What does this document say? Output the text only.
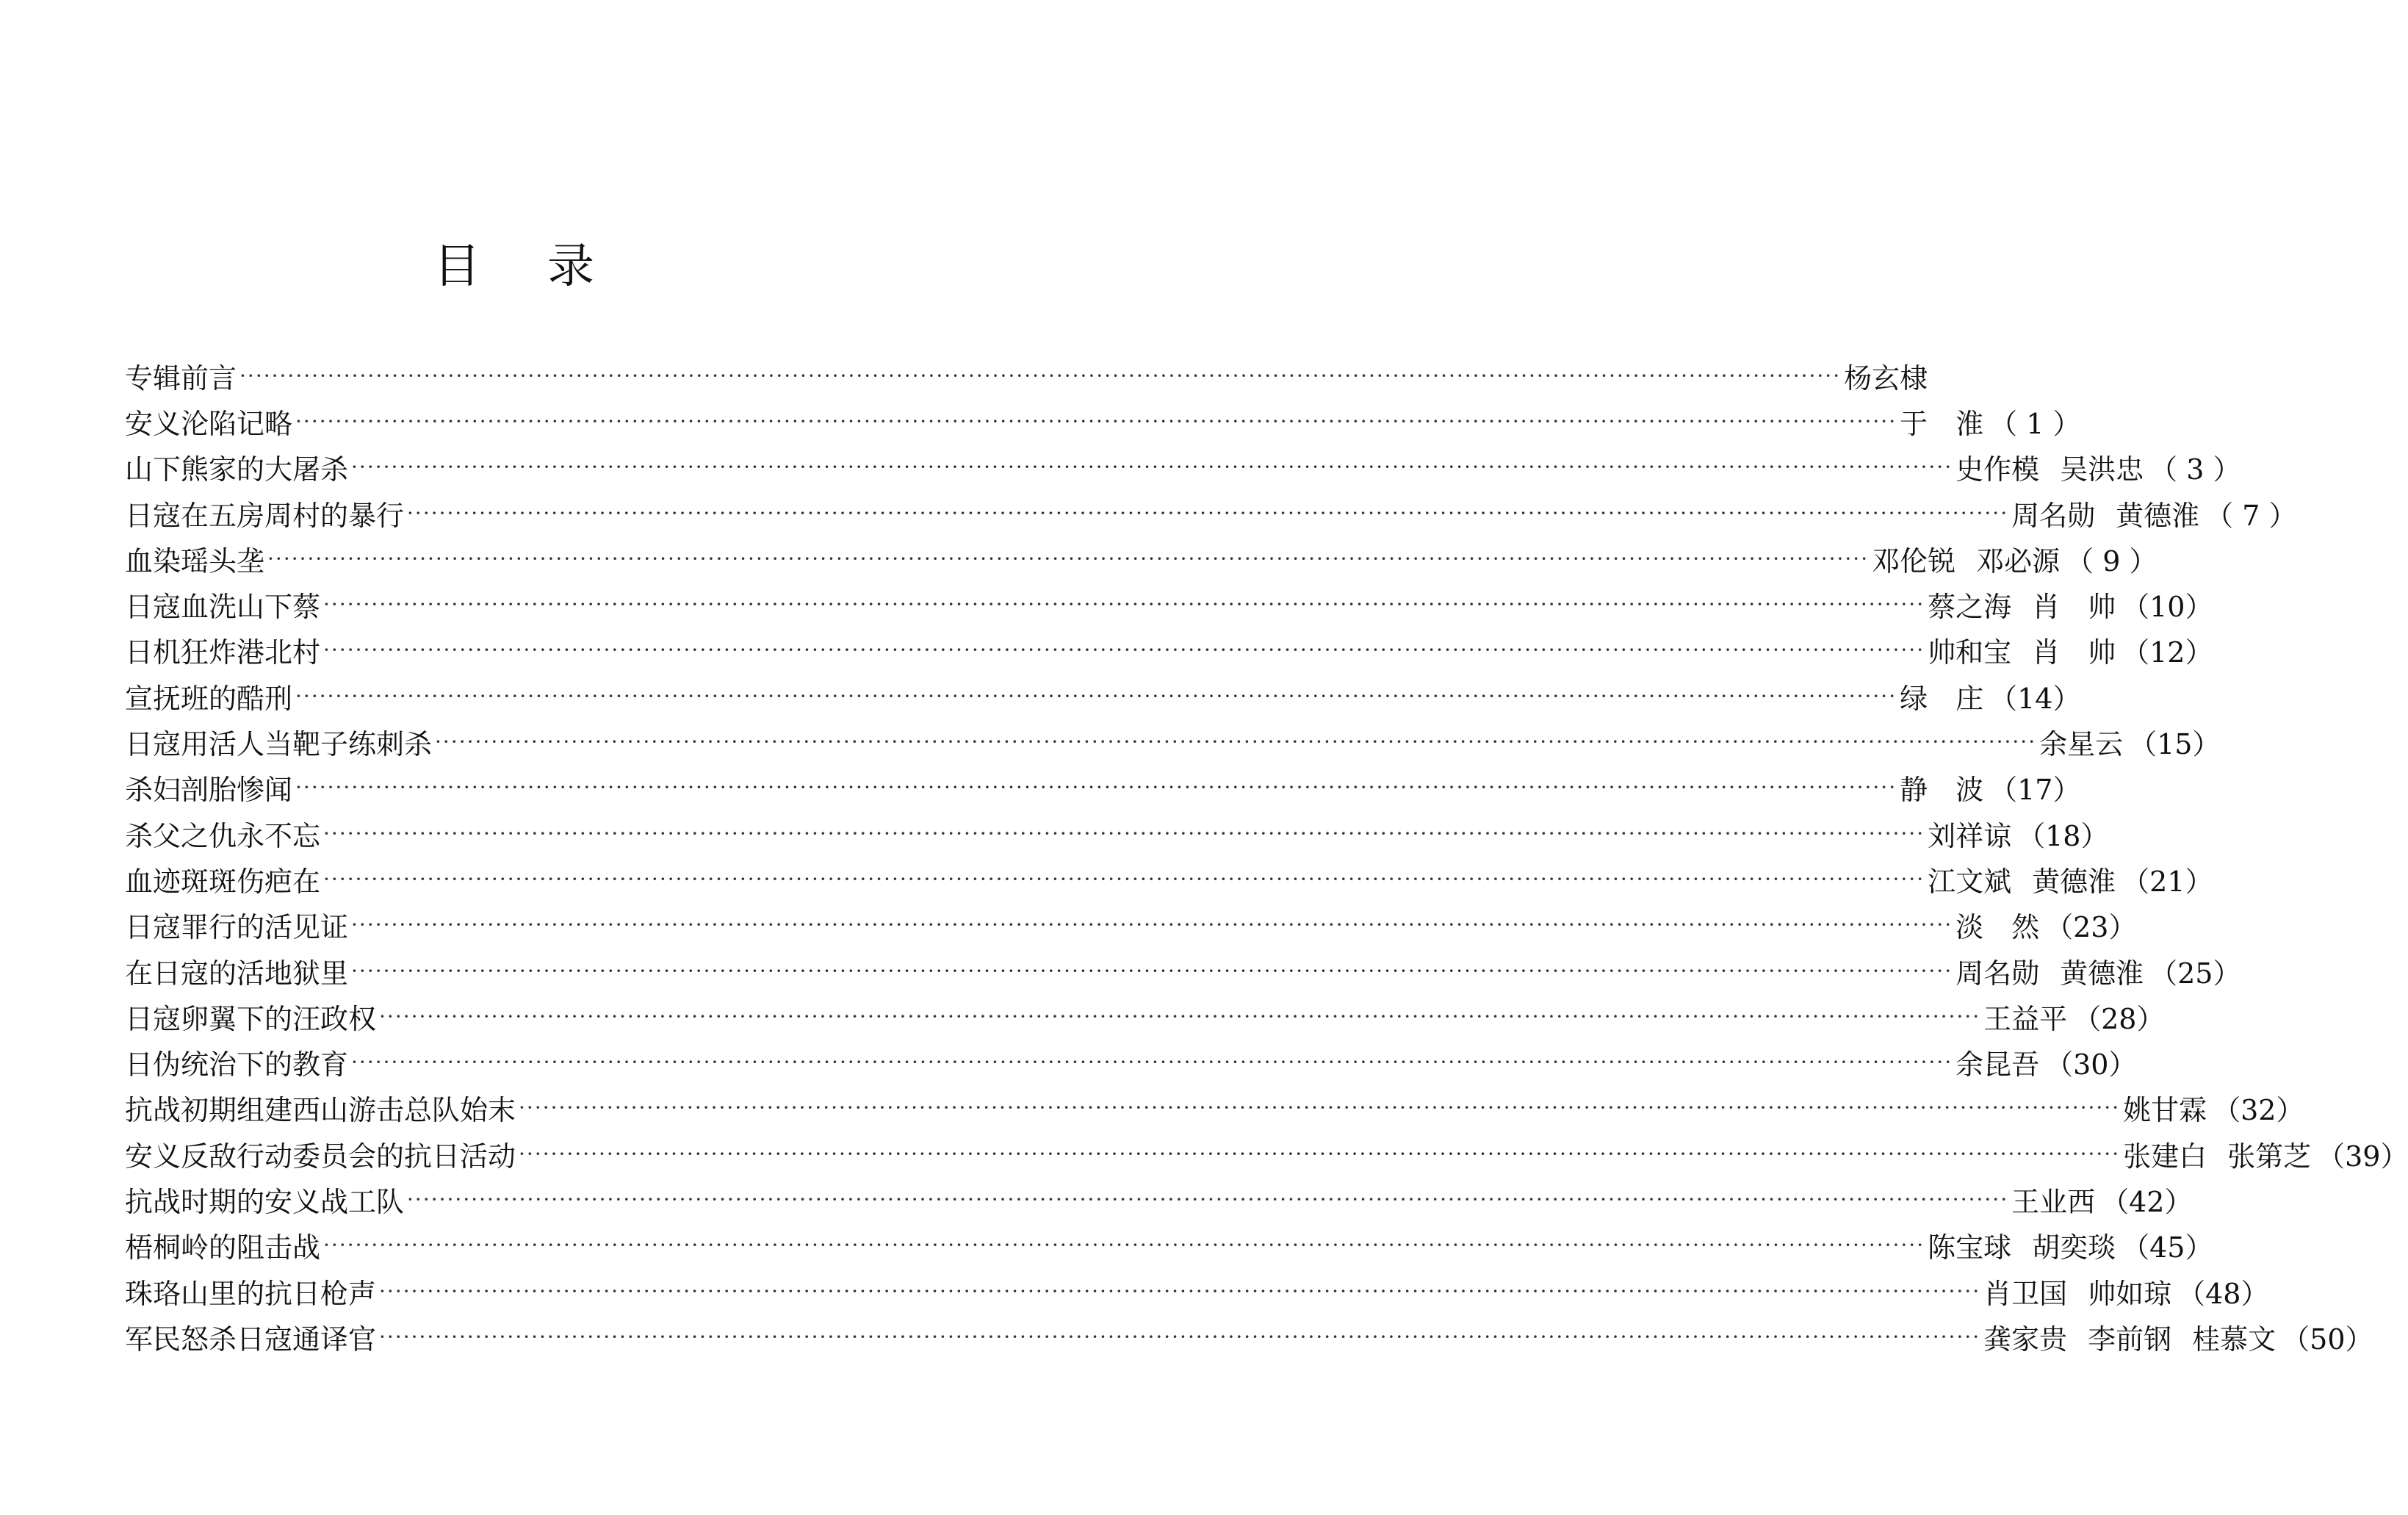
目 录
专辑前言 ········································································································································································································ 杨玄棣
安义沦陷记略 ········································································································································································································ 于　淮 （ 1 ）
山下熊家的大屠杀 ········································································································································································································ 史作模 吴洪忠 （ 3 ）
日寇在五房周村的暴行 ········································································································································································································ 周名勋 黄德淮 （ 7 ）
血染瑶头垄 ········································································································································································································ 邓伦锐 邓必源 （ 9 ）
日寇血洗山下蔡 ········································································································································································································ 蔡之海 肖　帅 （10）
日机狂炸港北村 ········································································································································································································ 帅和宝 肖　帅 （12）
宣抚班的酷刑 ········································································································································································································ 绿　庄 （14）
日寇用活人当靶子练刺杀 ········································································································································································································ 余星云 （15）
杀妇剖胎惨闻 ········································································································································································································ 静　波 （17）
杀父之仇永不忘 ········································································································································································································ 刘祥谅 （18）
血迹斑斑伤疤在 ········································································································································································································ 江文斌 黄德淮 （21）
日寇罪行的活见证 ········································································································································································································ 淡　然 （23）
在日寇的活地狱里 ········································································································································································································ 周名勋 黄德淮 （25）
日寇卵翼下的汪政权 ········································································································································································································ 王益平 （28）
日伪统治下的教育 ········································································································································································································ 余昆吾 （30）
抗战初期组建西山游击总队始末 ········································································································································································································ 姚甘霖 （32）
安义反敌行动委员会的抗日活动 ········································································································································································································ 张建白 张第芝 （39）
抗战时期的安义战工队 ········································································································································································································ 王业西 （42）
梧桐岭的阻击战 ········································································································································································································ 陈宝球 胡奕琰 （45）
珠珞山里的抗日枪声 ········································································································································································································ 肖卫国 帅如琼 （48）
军民怒杀日寇通译官 ········································································································································································································ 龚家贵 李前钢 桂慕文 （50）
